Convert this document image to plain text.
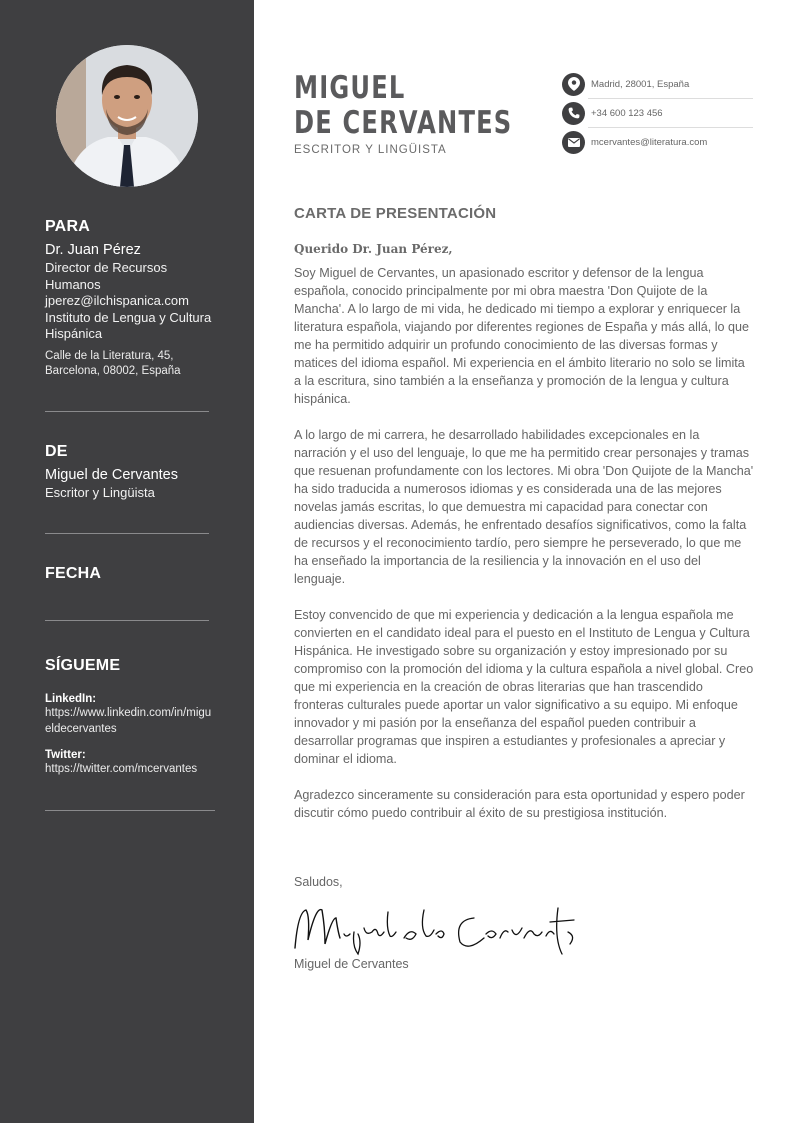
PARA
Dr. Juan Pérez
Director de Recursos Humanos
jperez@ilchispanica.com
Instituto de Lengua y Cultura Hispánica
Calle de la Literatura, 45, Barcelona, 08002, España
DE
Miguel de Cervantes
Escritor y Lingüista
FECHA
SÍGUEME
LinkedIn:
https://www.linkedin.com/in/migueldecervantes
Twitter:
https://twitter.com/mcervantes
MIGUEL
DE CERVANTES
ESCRITOR Y LINGÜISTA
Madrid, 28001, España
+34 600 123 456
mcervantes@literatura.com
CARTA DE PRESENTACIÓN
Querido Dr. Juan Pérez,
Soy Miguel de Cervantes, un apasionado escritor y defensor de la lengua española, conocido principalmente por mi obra maestra 'Don Quijote de la Mancha'. A lo largo de mi vida, he dedicado mi tiempo a explorar y enriquecer la literatura española, viajando por diferentes regiones de España y más allá, lo que me ha permitido adquirir un profundo conocimiento de las diversas formas y matices del idioma español. Mi experiencia en el ámbito literario no solo se limita a la escritura, sino también a la enseñanza y promoción de la lengua y cultura hispánica.
A lo largo de mi carrera, he desarrollado habilidades excepcionales en la narración y el uso del lenguaje, lo que me ha permitido crear personajes y tramas que resuenan profundamente con los lectores. Mi obra 'Don Quijote de la Mancha' ha sido traducida a numerosos idiomas y es considerada una de las mejores novelas jamás escritas, lo que demuestra mi capacidad para conectar con audiencias diversas. Además, he enfrentado desafíos significativos, como la falta de recursos y el reconocimiento tardío, pero siempre he perseverado, lo que me ha enseñado la importancia de la resiliencia y la innovación en el uso del lenguaje.
Estoy convencido de que mi experiencia y dedicación a la lengua española me convierten en el candidato ideal para el puesto en el Instituto de Lengua y Cultura Hispánica. He investigado sobre su organización y estoy impresionado por su compromiso con la promoción del idioma y la cultura española a nivel global. Creo que mi experiencia en la creación de obras literarias que han trascendido fronteras culturales puede aportar un valor significativo a su equipo. Mi enfoque innovador y mi pasión por la enseñanza del español pueden contribuir a desarrollar programas que inspiren a estudiantes y profesionales a apreciar y dominar el idioma.
Agradezco sinceramente su consideración para esta oportunidad y espero poder discutir cómo puedo contribuir al éxito de su prestigiosa institución.
Saludos,
Miguel de Cervantes
